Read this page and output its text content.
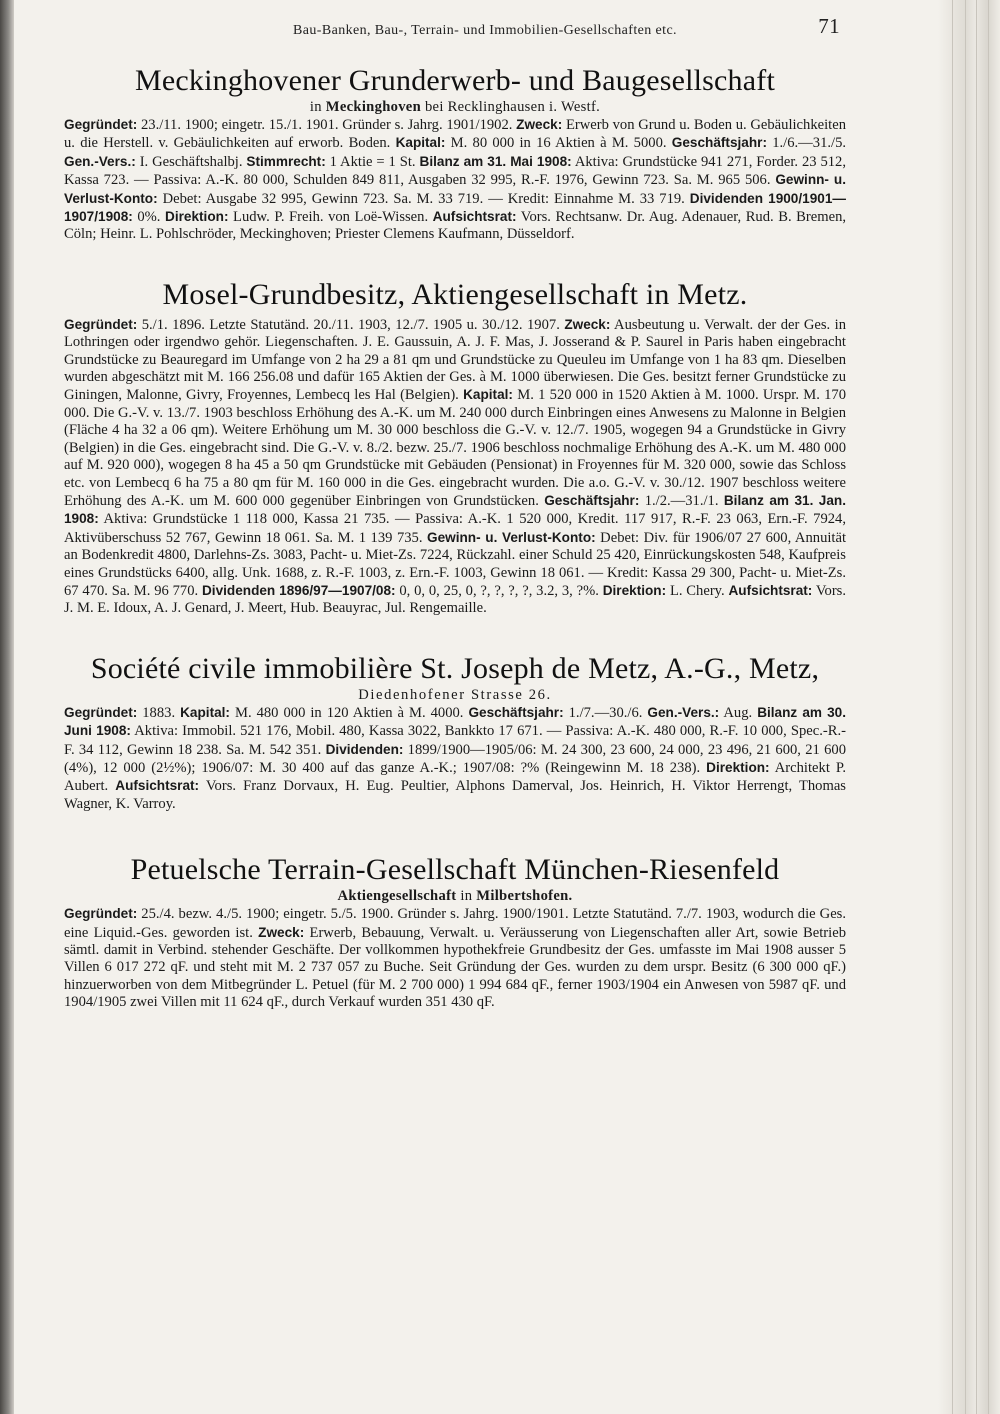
Bau-Banken, Bau-, Terrain- und Immobilien-Gesellschaften etc.	71
Meckinghovener Grunderwerb- und Baugesellschaft
in Meckinghoven bei Recklinghausen i. Westf.

Gegründet: 23./11. 1900; eingetr. 15./1. 1901. Gründer s. Jahrg. 1901/1902. Zweck: Erwerb von Grund u. Boden u. Gebäulichkeiten u. die Herstell. v. Gebäulichkeiten auf erworb. Boden. Kapital: M. 80 000 in 16 Aktien à M. 5000. Geschäftsjahr: 1./6.—31./5. Gen.-Vers.: I. Geschäftshalbj. Stimmrecht: 1 Aktie = 1 St. Bilanz am 31. Mai 1908: Aktiva: Grundstücke 941 271, Forder. 23 512, Kassa 723. — Passiva: A.-K. 80 000, Schulden 849 811, Ausgaben 32 995, R.-F. 1976, Gewinn 723. Sa. M. 965 506. Gewinn- u. Verlust-Konto: Debet: Ausgabe 32 995, Gewinn 723. Sa. M. 33 719. — Kredit: Einnahme M. 33 719. Dividenden 1900/1901—1907/1908: 0%. Direktion: Ludw. P. Freih. von Loë-Wissen. Aufsichtsrat: Vors. Rechtsanw. Dr. Aug. Adenauer, Rud. B. Bremen, Cöln; Heinr. L. Pohlschröder, Meckinghoven; Priester Clemens Kaufmann, Düsseldorf.

Mosel-Grundbesitz, Aktiengesellschaft in Metz.

Gegründet: 5./1. 1896. Letzte Statutänd. 20./11. 1903, 12./7. 1905 u. 30./12. 1907. Zweck: Ausbeutung u. Verwalt. der der Ges. in Lothringen oder irgendwo gehör. Liegenschaften. J. E. Gaussuin, A. J. F. Mas, J. Josserand & P. Saurel in Paris haben eingebracht Grundstücke zu Beauregard im Umfange von 2 ha 29 a 81 qm und Grundstücke zu Queuleu im Umfange von 1 ha 83 qm. Dieselben wurden abgeschätzt mit M. 166 256.08 und dafür 165 Aktien der Ges. à M. 1000 überwiesen. Die Ges. besitzt ferner Grundstücke zu Giningen, Malonne, Givry, Froyennes, Lembecq les Hal (Belgien). Kapital: M. 1 520 000 in 1520 Aktien à M. 1000. Urspr. M. 170 000. Die G.-V. v. 13./7. 1903 beschloss Erhöhung des A.-K. um M. 240 000 durch Einbringen eines Anwesens zu Malonne in Belgien (Fläche 4 ha 32 a 06 qm). Weitere Erhöhung um M. 30 000 beschloss die G.-V. v. 12./7. 1905, wogegen 94 a Grundstücke in Givry (Belgien) in die Ges. eingebracht sind. Die G.-V. v. 8./2. bezw. 25./7. 1906 beschloss nochmalige Erhöhung des A.-K. um M. 480 000 auf M. 920 000), wogegen 8 ha 45 a 50 qm Grundstücke mit Gebäuden (Pensionat) in Froyennes für M. 320 000, sowie das Schloss etc. von Lembecq 6 ha 75 a 80 qm für M. 160 000 in die Ges. eingebracht wurden. Die a.o. G.-V. v. 30./12. 1907 beschloss weitere Erhöhung des A.-K. um M. 600 000 gegenüber Einbringen von Grundstücken. Geschäftsjahr: 1./2.—31./1. Bilanz am 31. Jan. 1908: Aktiva: Grundstücke 1 118 000, Kassa 21 735. — Passiva: A.-K. 1 520 000, Kredit. 117 917, R.-F. 23 063, Ern.-F. 7924, Aktivüberschuss 52 767, Gewinn 18 061. Sa. M. 1 139 735. Gewinn- u. Verlust-Konto: Debet: Div. für 1906/07 27 600, Annuität an Bodenkredit 4800, Darlehns-Zs. 3083, Pacht- u. Miet-Zs. 7224, Rückzahl. einer Schuld 25 420, Einrückungskosten 548, Kaufpreis eines Grundstücks 6400, allg. Unk. 1688, z. R.-F. 1003, z. Ern.-F. 1003, Gewinn 18 061. — Kredit: Kassa 29 300, Pacht- u. Miet-Zs. 67 470. Sa. M. 96 770. Dividenden 1896/97—1907/08: 0, 0, 0, 25, 0, ?, ?, ?, ?, 3.2, 3, ?%. Direktion: L. Chery. Aufsichtsrat: Vors. J. M. E. Idoux, A. J. Genard, J. Meert, Hub. Beauyrac, Jul. Rengemaille.

Société civile immobilière St. Joseph de Metz, A.-G., Metz,
Diedenhofener Strasse 26.

Gegründet: 1883. Kapital: M. 480 000 in 120 Aktien à M. 4000. Geschäftsjahr: 1./7.—30./6. Gen.-Vers.: Aug. Bilanz am 30. Juni 1908: Aktiva: Immobil. 521 176, Mobil. 480, Kassa 3022, Bankkto 17 671. — Passiva: A.-K. 480 000, R.-F. 10 000, Spec.-R.-F. 34 112, Gewinn 18 238. Sa. M. 542 351. Dividenden: 1899/1900—1905/06: M. 24 300, 23 600, 24 000, 23 496, 21 600, 21 600 (4%), 12 000 (2½%); 1906/07: M. 30 400 auf das ganze A.-K.; 1907/08: ?% (Reingewinn M. 18 238). Direktion: Architekt P. Aubert. Aufsichtsrat: Vors. Franz Dorvaux, H. Eug. Peultier, Alphons Damerval, Jos. Heinrich, H. Viktor Herrengt, Thomas Wagner, K. Varroy.

Petuelsche Terrain-Gesellschaft München-Riesenfeld
Aktiengesellschaft in Milbertshofen.

Gegründet: 25./4. bezw. 4./5. 1900; eingetr. 5./5. 1900. Gründer s. Jahrg. 1900/1901. Letzte Statutänd. 7./7. 1903, wodurch die Ges. eine Liquid.-Ges. geworden ist. Zweck: Erwerb, Bebauung, Verwalt. u. Veräusserung von Liegenschaften aller Art, sowie Betrieb sämtl. damit in Verbind. stehender Geschäfte. Der vollkommen hypothekfreie Grundbesitz der Ges. umfasste im Mai 1908 ausser 5 Villen 6 017 272 qF. und steht mit M. 2 737 057 zu Buche. Seit Gründung der Ges. wurden zu dem urspr. Besitz (6 300 000 qF.) hinzuerworben von dem Mitbegründer L. Petuel (für M. 2 700 000) 1 994 684 qF., ferner 1903/1904 ein Anwesen von 5987 qF. und 1904/1905 zwei Villen mit 11 624 qF., durch Verkauf wurden 351 430 qF.
